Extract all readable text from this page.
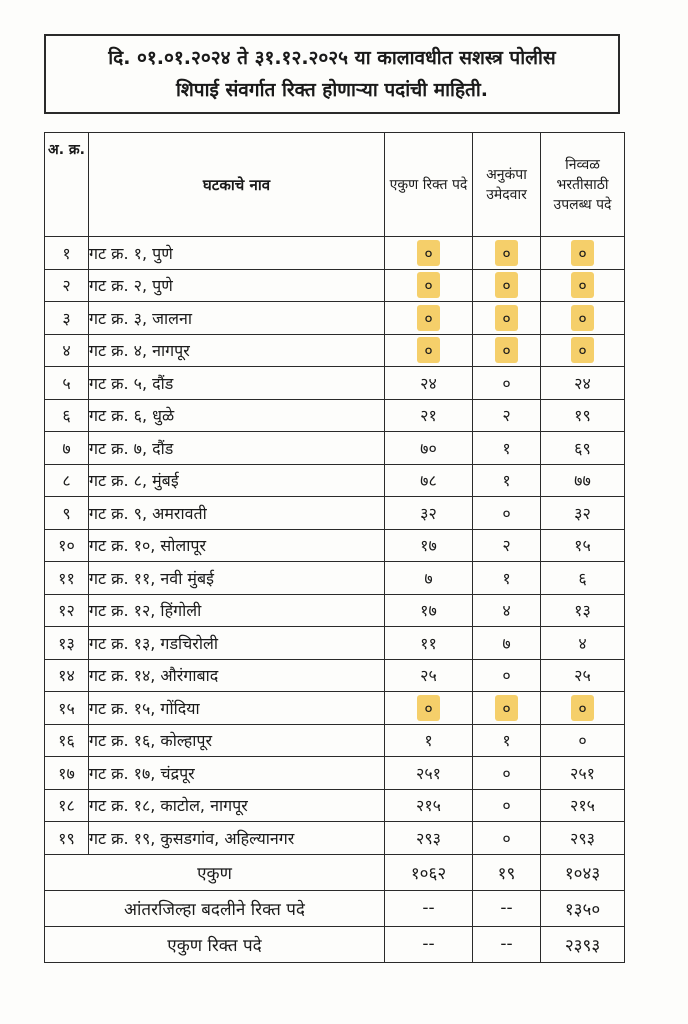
दि. ०१.०१.२०२४ ते ३१.१२.२०२५ या कालावधीत सशस्त्र पोलीस
शिपाई संवर्गात रिक्त होणाऱ्या पदांची माहिती.
अ. क्र.	घटकाचे नाव	एकुण रिक्त पदे	अनुकंपा उमेदवार	निव्वळ भरतीसाठी उपलब्ध पदे
१	गट क्र. १, पुणे	०	०	०
२	गट क्र. २, पुणे	०	०	०
३	गट क्र. ३, जालना	०	०	०
४	गट क्र. ४, नागपूर	०	०	०
५	गट क्र. ५, दौंड	२४	०	२४
६	गट क्र. ६, धुळे	२१	२	१९
७	गट क्र. ७, दौंड	७०	१	६९
८	गट क्र. ८, मुंबई	७८	१	७७
९	गट क्र. ९, अमरावती	३२	०	३२
१०	गट क्र. १०, सोलापूर	१७	२	१५
११	गट क्र. ११, नवी मुंबई	७	१	६
१२	गट क्र. १२, हिंगोली	१७	४	१३
१३	गट क्र. १३, गडचिरोली	११	७	४
१४	गट क्र. १४, औरंगाबाद	२५	०	२५
१५	गट क्र. १५, गोंदिया	०	०	०
१६	गट क्र. १६, कोल्हापूर	१	१	०
१७	गट क्र. १७, चंद्रपूर	२५१	०	२५१
१८	गट क्र. १८, काटोल, नागपूर	२१५	०	२१५
१९	गट क्र. १९, कुसडगांव, अहिल्यानगर	२९३	०	२९३
एकुण		१०६२	१९	१०४३
आंतरजिल्हा बदलीने रिक्त पदे		--	--	१३५०
एकुण रिक्त पदे		--	--	२३९३
